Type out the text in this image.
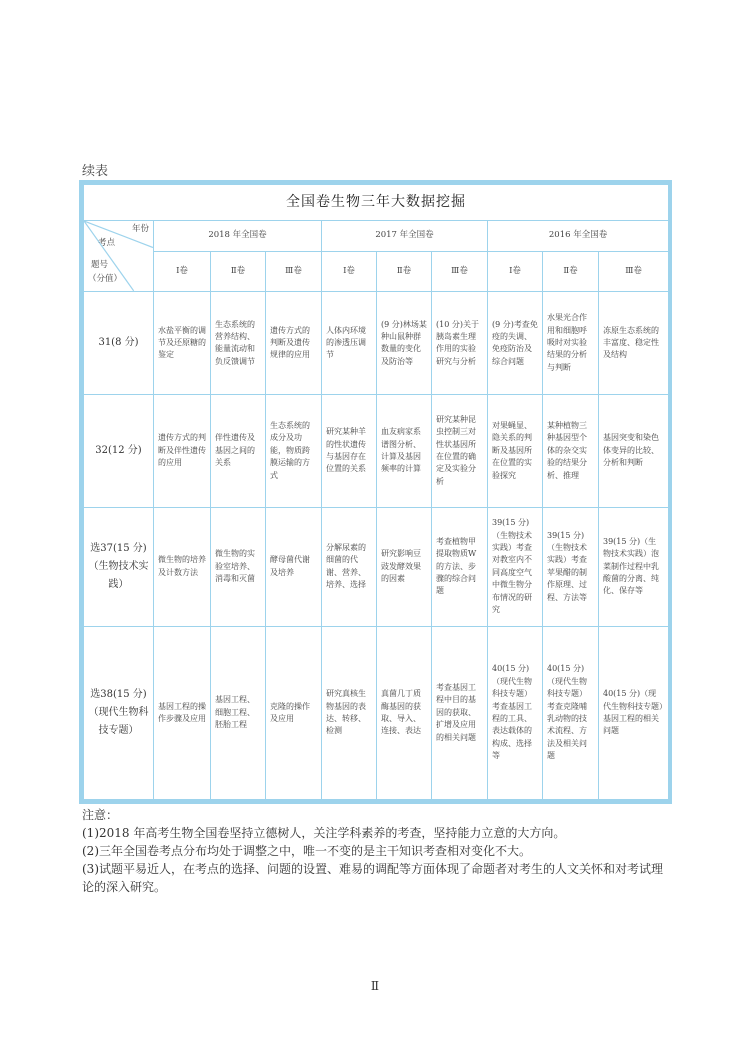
续表
全国卷生物三年大数据挖掘									

年份
考点
题号
（分值）	2018 年全国卷			2017 年全国卷			2016 年全国卷		
	Ⅰ卷	Ⅱ卷	Ⅲ卷	Ⅰ卷	Ⅱ卷	Ⅲ卷	Ⅰ卷	Ⅱ卷	Ⅲ卷
31(8 分)	水盐平衡的调节及还原糖的鉴定	生态系统的营养结构、能量流动和负反馈调节	遗传方式的判断及遗传规律的应用	人体内环境的渗透压调节	(9 分)林场某种山鼠种群数量的变化及防治等	(10 分)关于胰岛素生理作用的实验研究与分析	(9 分)考查免疫的失调、免疫防治及综合问题	水果光合作用和细胞呼吸时对实验结果的分析与判断	冻原生态系统的丰富度、稳定性及结构
32(12 分)	遗传方式的判断及伴性遗传的应用	伴性遗传及基因之间的关系	生态系统的成分及功能，物质跨膜运输的方式	研究某种羊的性状遗传与基因存在位置的关系	血友病家系谱图分析、计算及基因频率的计算	研究某种昆虫控制三对性状基因所在位置的确定及实验分析	对果蝇显、隐关系的判断及基因所在位置的实验探究	某种植物三种基因型个体的杂交实验的结果分析、推理	基因突变和染色体变异的比较、分析和判断
选37(15 分)（生物技术实践）	微生物的培养及计数方法	微生物的实验室培养、消毒和灭菌	酵母菌代谢及培养	分解尿素的细菌的代谢、营养、培养、选择	研究影响豆豉发酵效果的因素	考查植物甲提取物质W的方法、步骤的综合问题	39(15 分)（生物技术实践）考查对教室内不同高度空气中微生物分布情况的研究	39(15 分)（生物技术实践）考查苹果醋的制作原理、过程、方法等	39(15 分)（生物技术实践）泡菜制作过程中乳酸菌的分离、纯化、保存等
选38(15 分)（现代生物科技专题）	基因工程的操作步骤及应用	基因工程、细胞工程、胚胎工程	克隆的操作及应用	研究真核生物基因的表达、转移、检测	真菌几丁质酶基因的获取、导入、连接、表达	考查基因工程中目的基因的获取、扩增及应用的相关问题	40(15 分)（现代生物科技专题）考查基因工程的工具、表达载体的构成、选择等	40(15 分)（现代生物科技专题）考查克隆哺乳动物的技术流程、方法及相关问题	40(15 分)（现代生物科技专题）基因工程的相关问题

注意：

(1)2018 年高考生物全国卷坚持立德树人，关注学科素养的考查，坚持能力立意的大方向。

(2)三年全国卷考点分布均处于调整之中，唯一不变的是主干知识考查相对变化不大。

(3)试题平易近人，在考点的选择、问题的设置、难易的调配等方面体现了命题者对考生的人文关怀和对考试理论的深入研究。

Ⅱ
